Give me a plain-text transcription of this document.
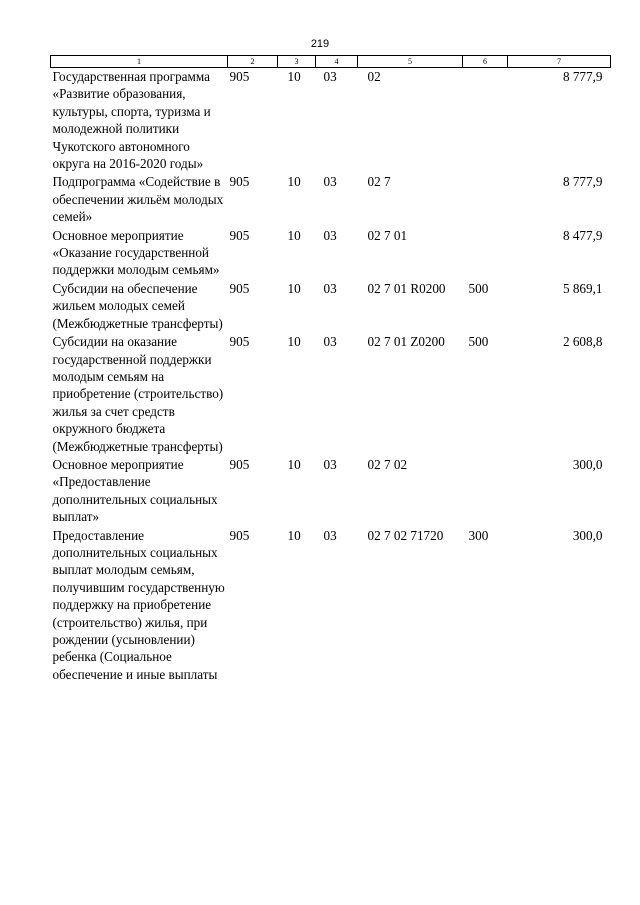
219
1	2	3	4	5	6	7
Государственная программа «Развитие образования, культуры, спорта, туризма и молодежной политики Чукотского автономного округа на 2016-2020 годы»	905	10	03	02		8 777,9
Подпрограмма «Содействие в обеспечении жильём молодых семей»	905	10	03	02 7		8 777,9
Основное мероприятие «Оказание государственной поддержки молодым семьям»	905	10	03	02 7 01		8 477,9
Субсидии на обеспечение жильем молодых семей (Межбюджетные трансферты)	905	10	03	02 7 01 R0200	500	5 869,1
Субсидии на оказание государственной поддержки молодым семьям на приобретение (строительство) жилья за счет средств окружного бюджета (Межбюджетные трансферты)	905	10	03	02 7 01 Z0200	500	2 608,8
Основное мероприятие «Предоставление дополнительных социальных выплат»	905	10	03	02 7 02		300,0
Предоставление дополнительных социальных выплат молодым семьям, получившим государственную поддержку на приобретение (строительство) жилья, при рождении (усыновлении) ребенка (Социальное обеспечение и иные выплаты	905	10	03	02 7 02 71720	300	300,0
